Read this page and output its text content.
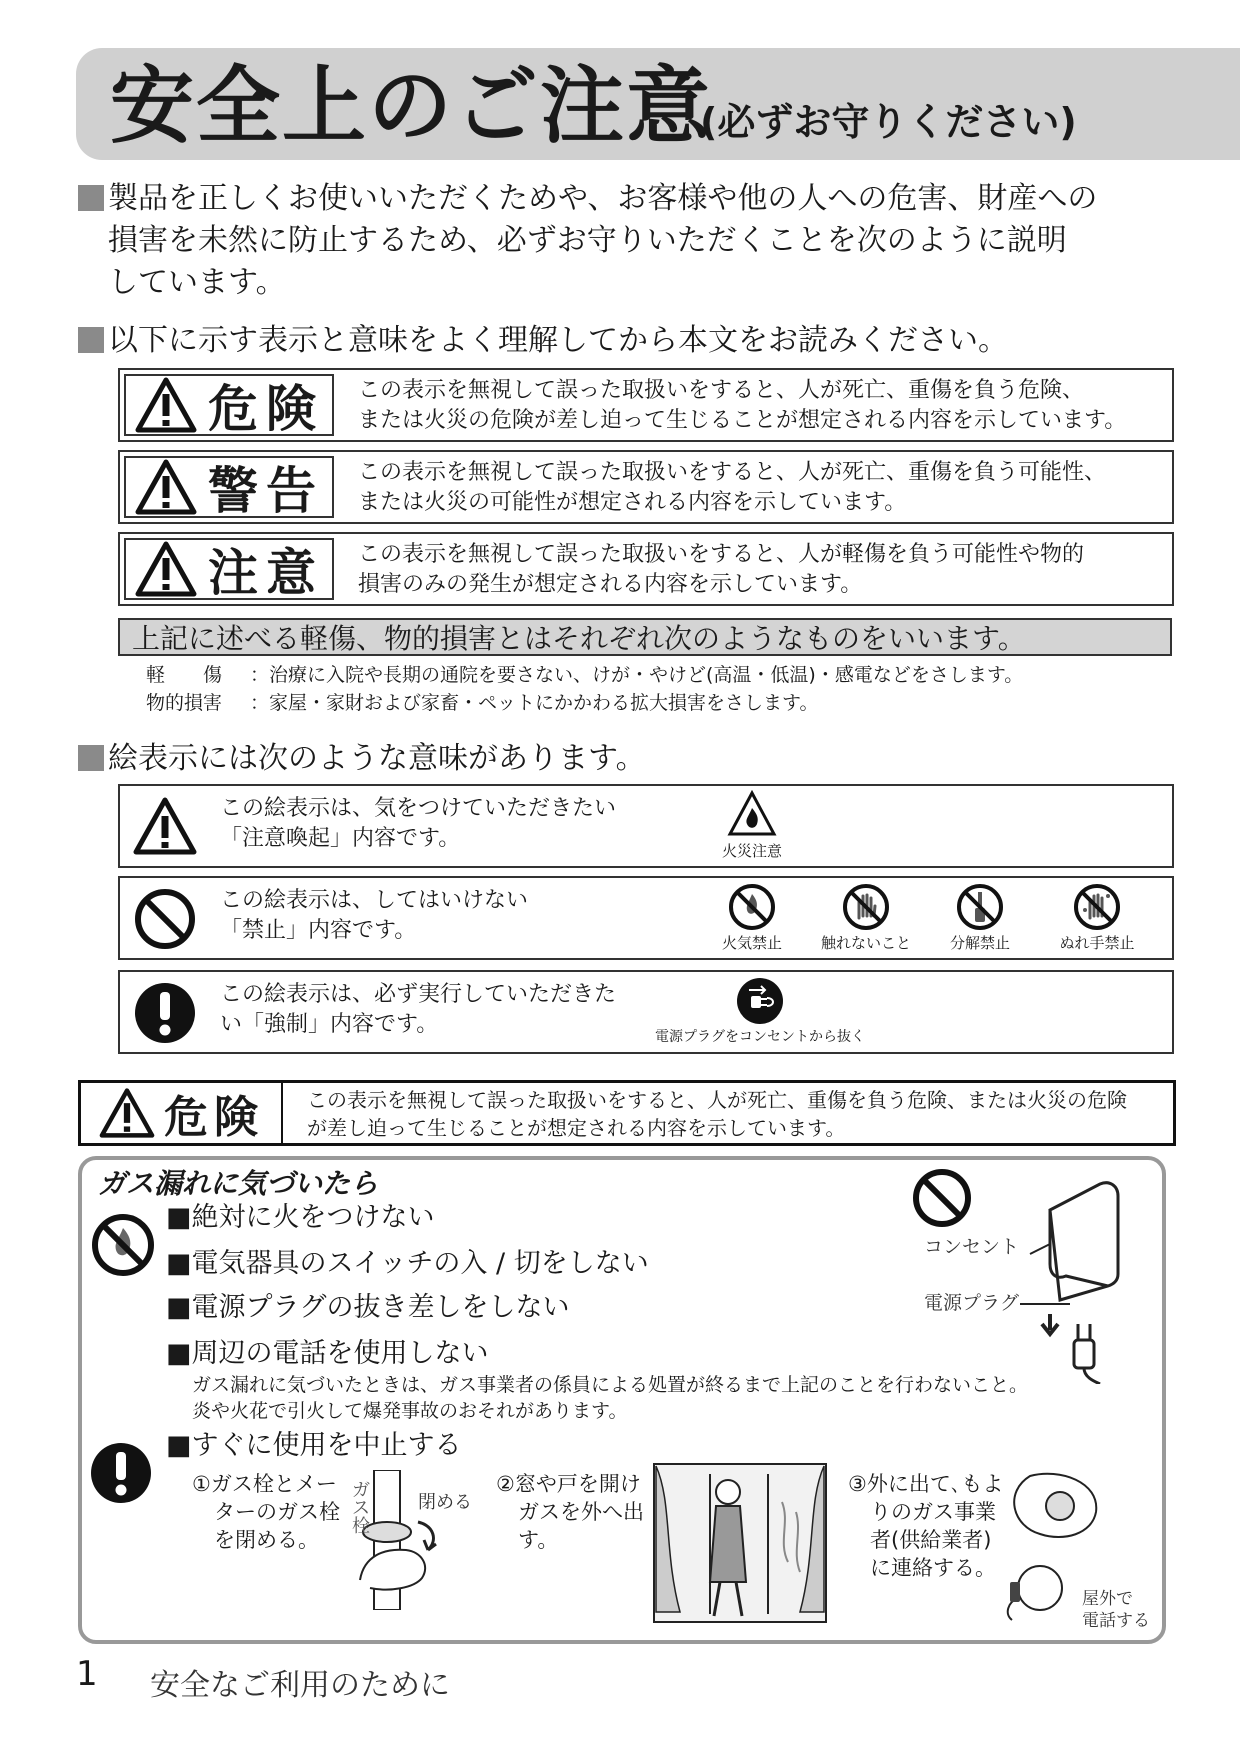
安全上のご注意
(必ずお守りください)
製品を正しくお使いいただくためや、お客様や他の人への危害、財産への
損害を未然に防止するため、必ずお守りいただくことを次のように説明
しています。
以下に示す表示と意味をよく理解してから本文をお読みください。
危険 この表示を無視して誤った取扱いをすると、人が死亡、重傷を負う危険、
または火災の危険が差し迫って生じることが想定される内容を示しています。
警告 この表示を無視して誤った取扱いをすると、人が死亡、重傷を負う可能性、
または火災の可能性が想定される内容を示しています。
注意 この表示を無視して誤った取扱いをすると、人が軽傷を負う可能性や物的
損害のみの発生が想定される内容を示しています。
上記に述べる軽傷、物的損害とはそれぞれ次のようなものをいいます。
軽　　傷 ：治療に入院や長期の通院を要さない、けが・やけど(高温・低温)・感電などをさします。
物的損害 ：家屋・家財および家畜・ペットにかかわる拡大損害をさします。
絵表示には次のような意味があります。
この絵表示は、気をつけていただきたい
「注意喚起」内容です。	火災注意
この絵表示は、してはいけない
「禁止」内容です。	火気禁止	触れないこと	分解禁止	ぬれ手禁止
この絵表示は、必ず実行していただきた
い「強制」内容です。	電源プラグをコンセントから抜く
危険 この表示を無視して誤った取扱いをすると、人が死亡、重傷を負う危険、または火災の危険
が差し迫って生じることが想定される内容を示しています。
ガス漏れに気づいたら
■絶対に火をつけない
■電気器具のスイッチの入 / 切をしない
■電源プラグの抜き差しをしない
■周辺の電話を使用しない
ガス漏れに気づいたときは、ガス事業者の係員による処置が終るまで上記のことを行わないこと。
炎や火花で引火して爆発事故のおそれがあります。
コンセント
電源プラグ
■すぐに使用を中止する
①ガス栓とメー
ターのガス栓
を閉める。
ガス栓
閉める
②窓や戸を開け
ガスを外へ出
す。
③外に出て､もよ
りのガス事業
者(供給業者)
に連絡する。
屋外で
電話する
1 安全なご利用のために
